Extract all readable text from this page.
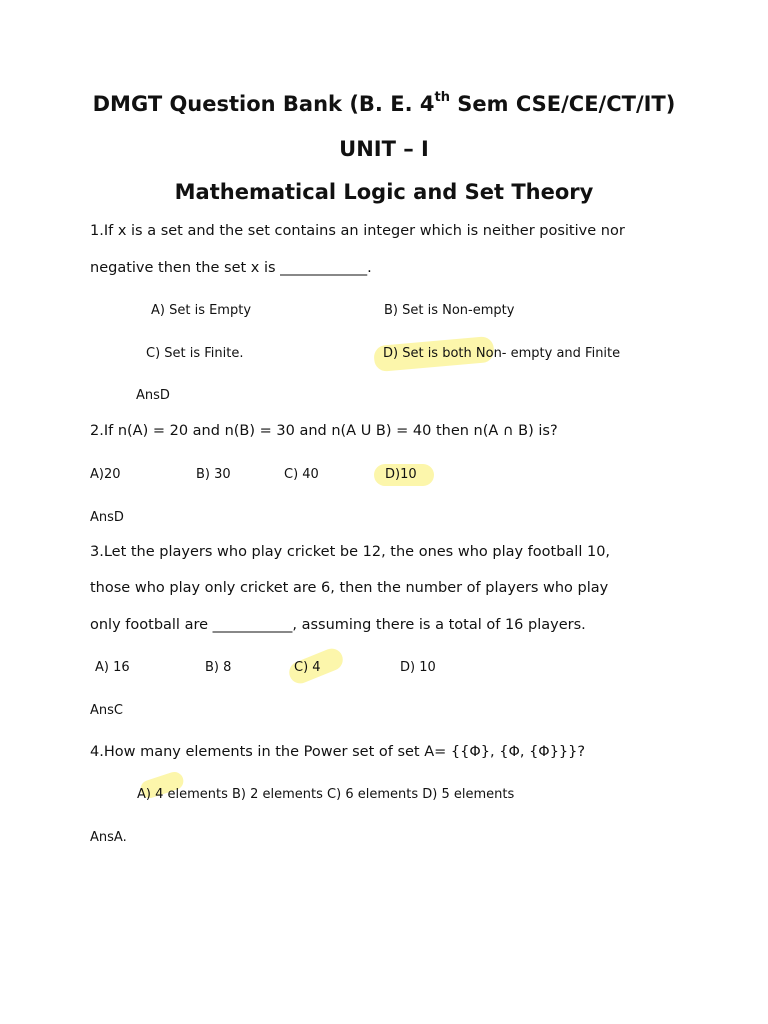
DMGT Question Bank (B. E. 4th Sem CSE/CE/CT/IT)
UNIT – I
Mathematical Logic and Set Theory
1.If x is a set and the set contains an integer which is neither positive nor
negative then the set x is ____________.
A) Set is Empty	B) Set is Non-empty
C) Set is Finite.	D) Set is both Non- empty and Finite
AnsD
2.If n(A) = 20 and n(B) = 30 and n(A U B) = 40 then n(A ∩ B) is?
A)20	B) 30	C) 40	D)10
AnsD
3.Let the players who play cricket be 12, the ones who play football 10,
those who play only cricket are 6, then the number of players who play
only football are ___________, assuming there is a total of 16 players.
A) 16	B) 8	C) 4	D) 10
AnsC
4.How many elements in the Power set of set A= {{Φ}, {Φ, {Φ}}}?
A) 4 elements B) 2 elements C) 6 elements D) 5 elements
AnsA.
